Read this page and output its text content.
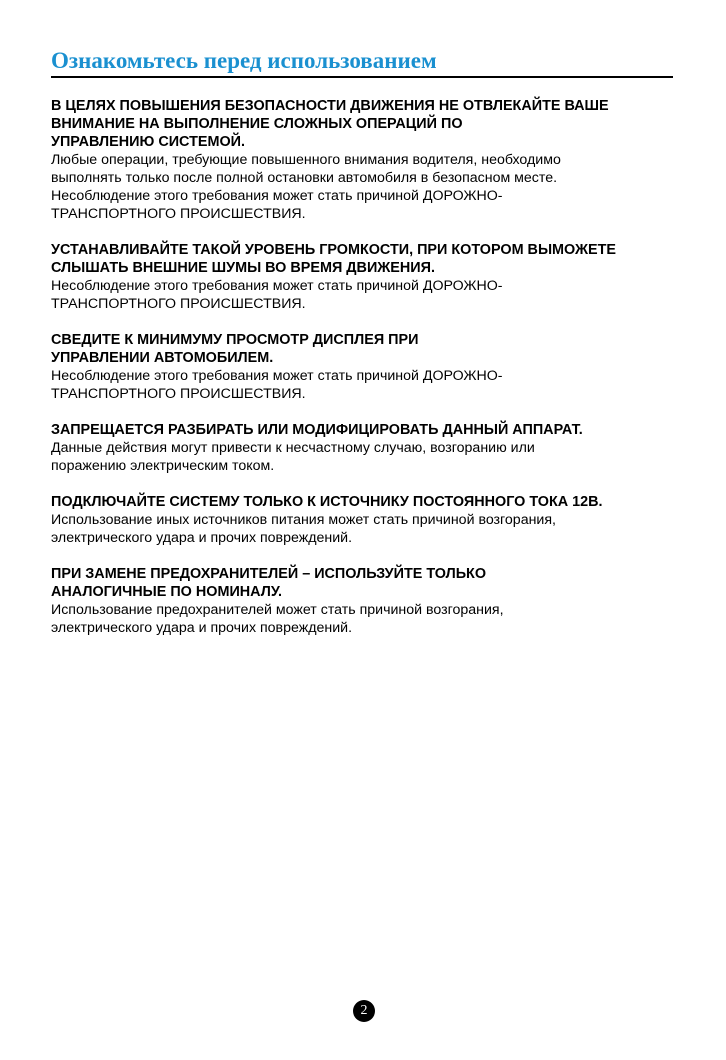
Ознакомьтесь перед использованием

В ЦЕЛЯХ ПОВЫШЕНИЯ БЕЗОПАСНОСТИ ДВИЖЕНИЯ НЕ ОТВЛЕКАЙТЕ ВАШЕ
ВНИМАНИЕ НА ВЫПОЛНЕНИЕ СЛОЖНЫХ ОПЕРАЦИЙ ПО
УПРАВЛЕНИЮ СИСТЕМОЙ.

Любые операции, требующие повышенного внимания водителя, необходимо
выполнять только после полной остановки автомобиля в безопасном месте.
Несоблюдение этого требования может стать причиной ДОРОЖНО-
ТРАНСПОРТНОГО ПРОИСШЕСТВИЯ.

УСТАНАВЛИВАЙТЕ ТАКОЙ УРОВЕНЬ ГРОМКОСТИ, ПРИ КОТОРОМ ВЫМОЖЕТЕ
СЛЫШАТЬ ВНЕШНИЕ ШУМЫ ВО ВРЕМЯ ДВИЖЕНИЯ.

Несоблюдение этого требования может стать причиной ДОРОЖНО-
ТРАНСПОРТНОГО ПРОИСШЕСТВИЯ.

СВЕДИТЕ К МИНИМУМУ ПРОСМОТР ДИСПЛЕЯ ПРИ
УПРАВЛЕНИИ АВТОМОБИЛЕМ.

Несоблюдение этого требования может стать причиной ДОРОЖНО-
ТРАНСПОРТНОГО ПРОИСШЕСТВИЯ.

ЗАПРЕЩАЕТСЯ РАЗБИРАТЬ ИЛИ МОДИФИЦИРОВАТЬ ДАННЫЙ АППАРАТ.

Данные действия могут привести к несчастному случаю, возгоранию или
поражению электрическим током.

ПОДКЛЮЧАЙТЕ СИСТЕМУ ТОЛЬКО К ИСТОЧНИКУ ПОСТОЯННОГО ТОКА 12В.

Использование иных источников питания может стать причиной возгорания,
электрического удара и прочих повреждений.

ПРИ ЗАМЕНЕ ПРЕДОХРАНИТЕЛЕЙ – ИСПОЛЬЗУЙТЕ ТОЛЬКО
АНАЛОГИЧНЫЕ ПО НОМИНАЛУ.

Использование предохранителей может стать причиной возгорания,
электрического удара и прочих повреждений.

2
